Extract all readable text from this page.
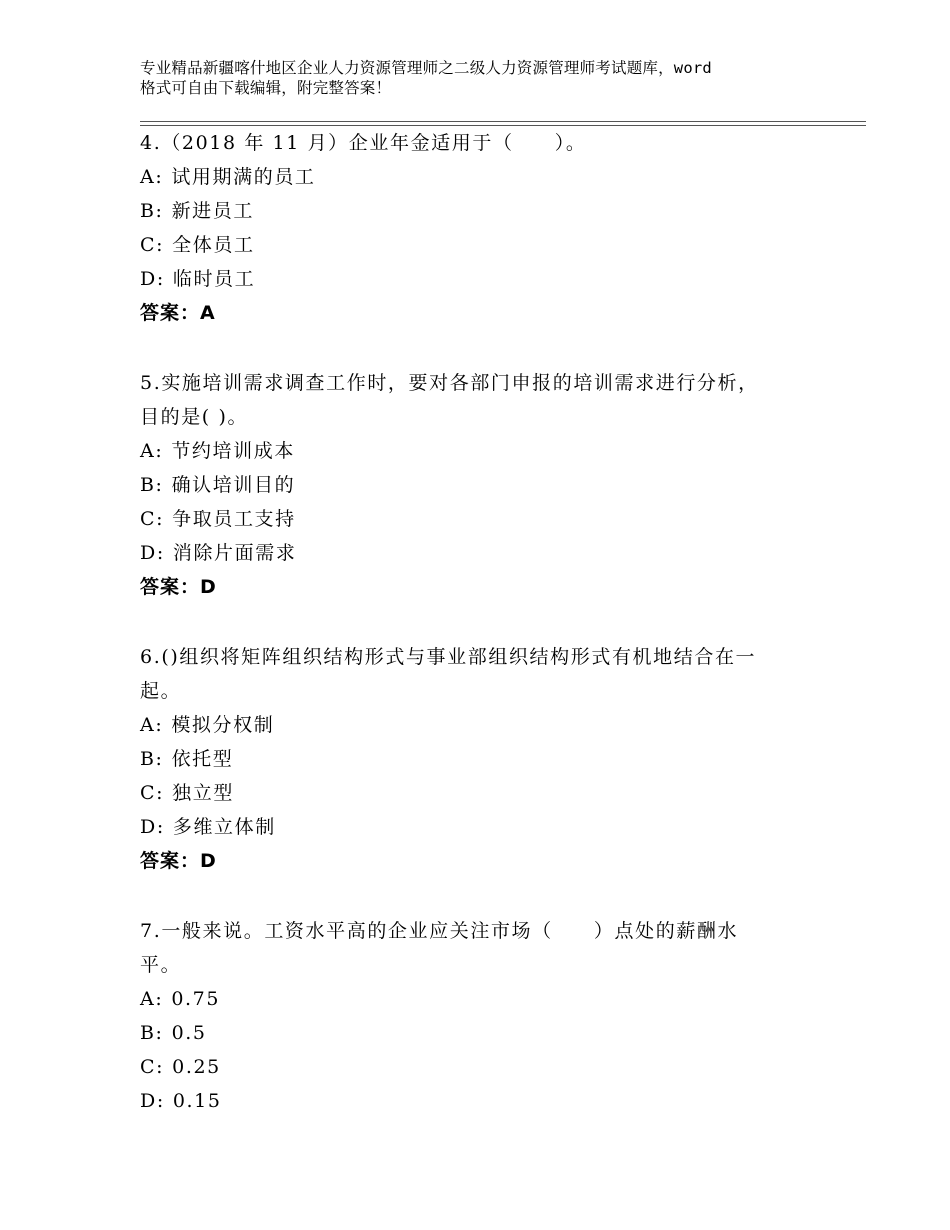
专业精品新疆喀什地区企业人力资源管理师之二级人力资源管理师考试题库，word
格式可自由下载编辑，附完整答案！
4.（2018 年 11 月）企业年金适用于（　　）。
A: 试用期满的员工
B: 新进员工
C: 全体员工
D: 临时员工
答案：A
5.实施培训需求调查工作时，要对各部门申报的培训需求进行分析，
目的是( )。
A: 节约培训成本
B: 确认培训目的
C: 争取员工支持
D: 消除片面需求
答案：D
6.()组织将矩阵组织结构形式与事业部组织结构形式有机地结合在一
起。
A: 模拟分权制
B: 依托型
C: 独立型
D: 多维立体制
答案：D
7.一般来说。工资水平高的企业应关注市场（　　）点处的薪酬水
平。
A: 0.75
B: 0.5
C: 0.25
D: 0.15
